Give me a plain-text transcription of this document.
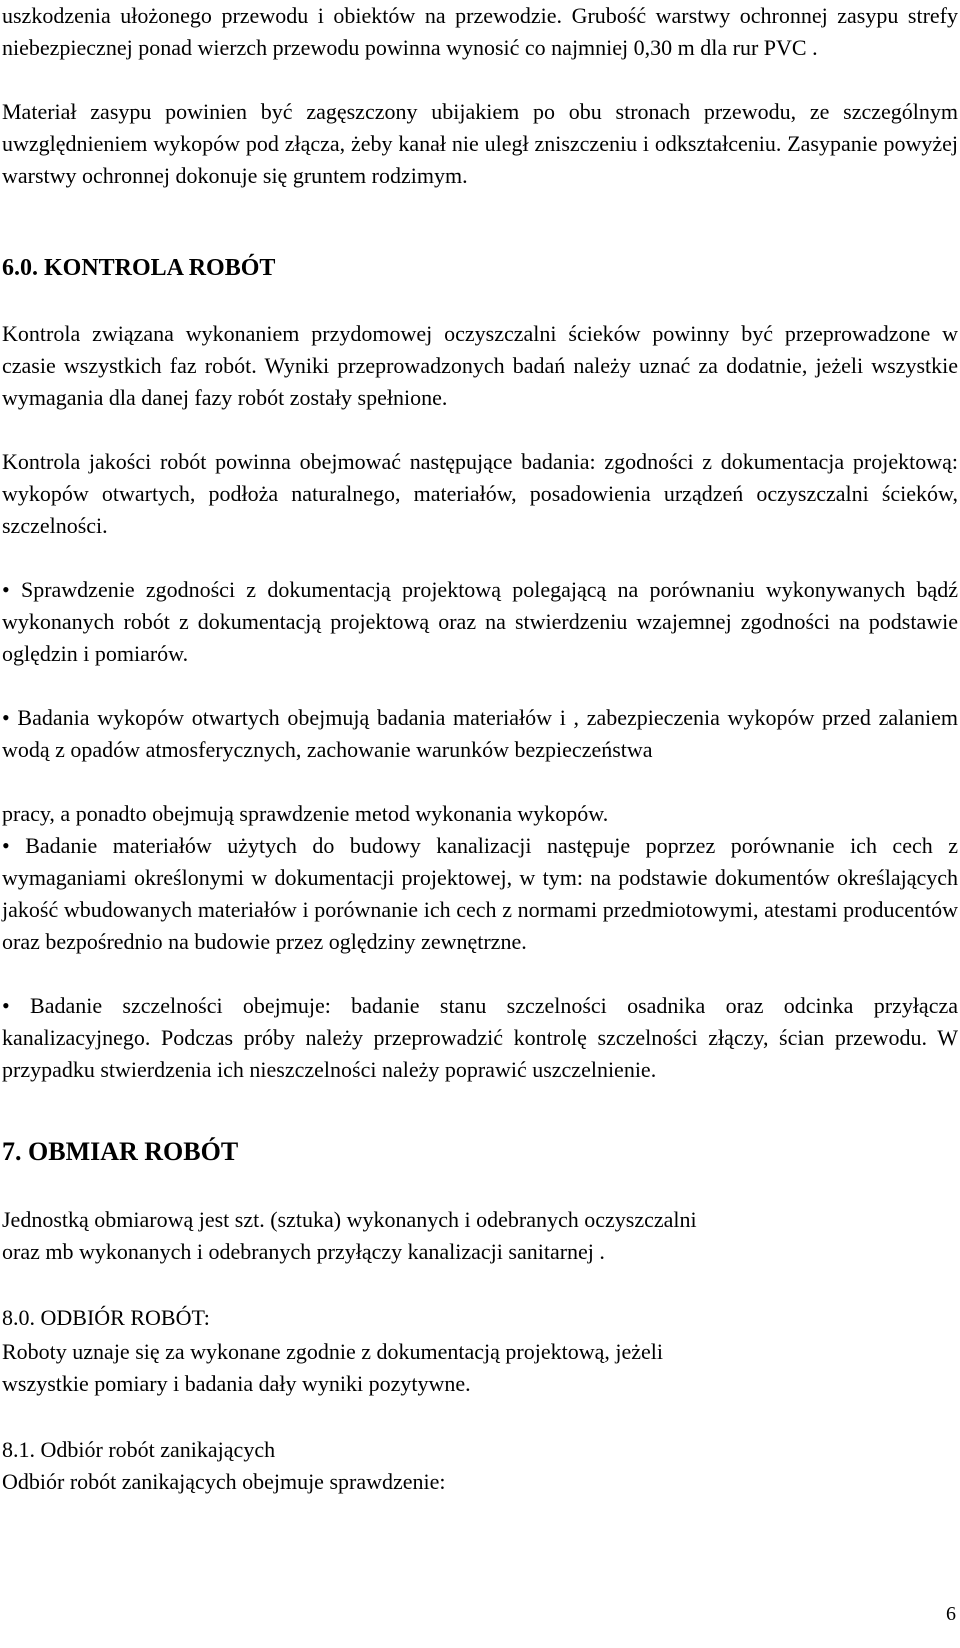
uszkodzenia ułożonego przewodu i obiektów na przewodzie. Grubość warstwy ochronnej zasypu strefy niebezpiecznej ponad wierzch przewodu powinna wynosić co najmniej 0,30 m dla rur PVC .

Materiał zasypu powinien być zagęszczony ubijakiem po obu stronach przewodu, ze szczególnym uwzględnieniem wykopów pod złącza, żeby kanał nie uległ zniszczeniu i odkształceniu. Zasypanie powyżej warstwy ochronnej dokonuje się gruntem rodzimym.

6.0. KONTROLA ROBÓT

Kontrola związana wykonaniem przydomowej oczyszczalni ścieków powinny być przeprowadzone w czasie wszystkich faz robót. Wyniki przeprowadzonych badań należy uznać za dodatnie, jeżeli wszystkie wymagania dla danej fazy robót zostały spełnione.

Kontrola jakości robót powinna obejmować następujące badania: zgodności z dokumentacja projektową: wykopów otwartych, podłoża naturalnego, materiałów, posadowienia urządzeń oczyszczalni ścieków, szczelności.

• Sprawdzenie zgodności z dokumentacją projektową polegającą na porównaniu wykonywanych bądź wykonanych robót z dokumentacją projektową oraz na stwierdzeniu wzajemnej zgodności na podstawie oględzin i pomiarów.

• Badania wykopów otwartych obejmują badania materiałów i , zabezpieczenia wykopów przed zalaniem wodą z opadów atmosferycznych, zachowanie warunków bezpieczeństwa

pracy, a ponadto obejmują sprawdzenie metod wykonania wykopów.

• Badanie materiałów użytych do budowy kanalizacji następuje poprzez porównanie ich cech z wymaganiami określonymi w dokumentacji projektowej, w tym: na podstawie dokumentów określających jakość wbudowanych materiałów i porównanie ich cech z normami przedmiotowymi, atestami producentów oraz bezpośrednio na budowie przez oględziny zewnętrzne.

• Badanie szczelności obejmuje: badanie stanu szczelności osadnika oraz odcinka przyłącza kanalizacyjnego. Podczas próby należy przeprowadzić kontrolę szczelności złączy, ścian przewodu. W przypadku stwierdzenia ich nieszczelności należy poprawić uszczelnienie.

7. OBMIAR ROBÓT

Jednostką obmiarową jest szt. (sztuka) wykonanych i odebranych oczyszczalni

oraz mb wykonanych i odebranych przyłączy kanalizacji sanitarnej .

8.0. ODBIÓR ROBÓT:

Roboty uznaje się za wykonane zgodnie z dokumentacją projektową, jeżeli

wszystkie pomiary i badania dały wyniki pozytywne.

8.1. Odbiór robót zanikających

Odbiór robót zanikających obejmuje sprawdzenie:

6
